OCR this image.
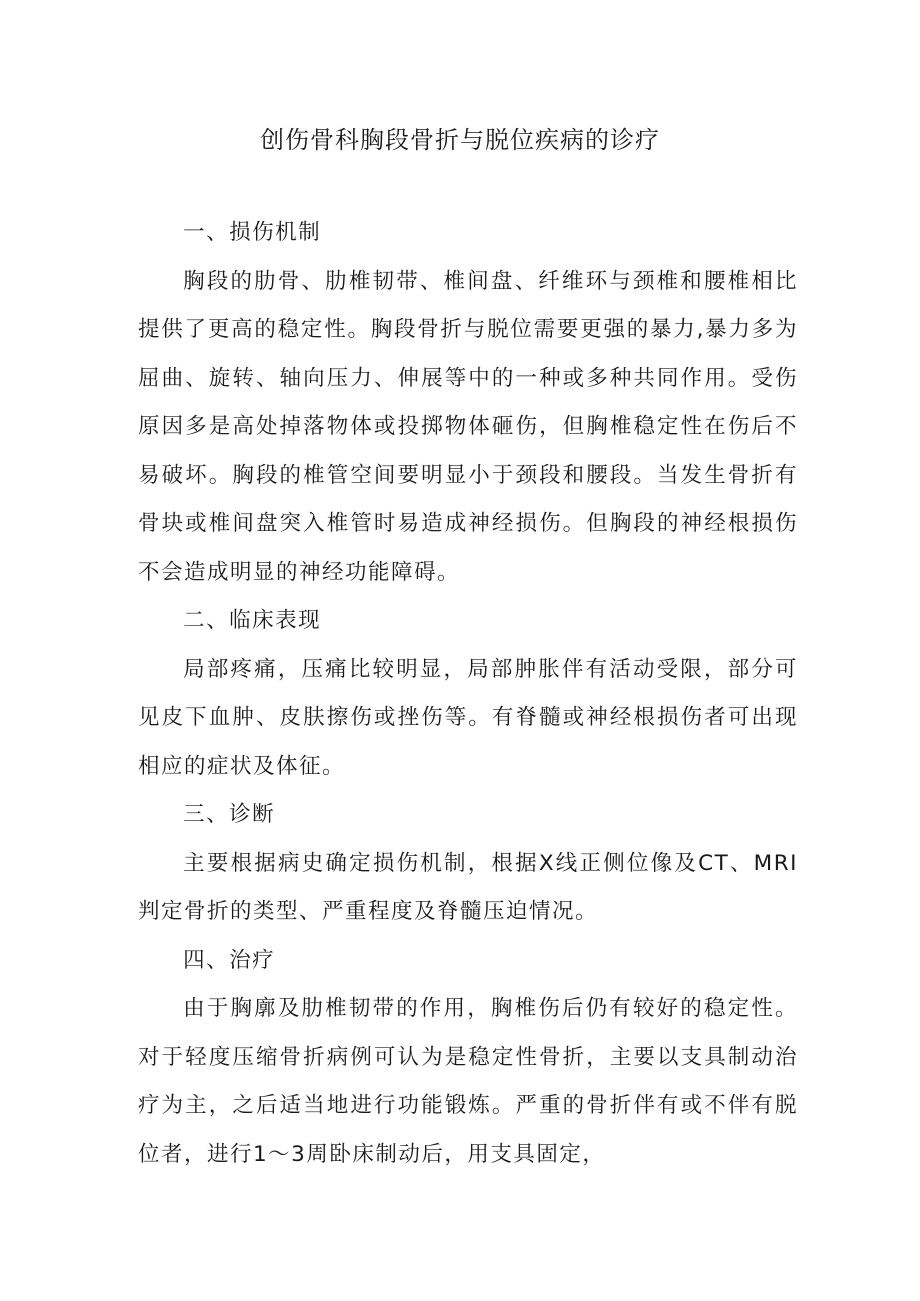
创伤骨科胸段骨折与脱位疾病的诊疗

一、损伤机制

胸段的肋骨、肋椎韧带、椎间盘、纤维环与颈椎和腰椎相比提供了更高的稳定性。胸段骨折与脱位需要更强的暴力,暴力多为屈曲、旋转、轴向压力、伸展等中的一种或多种共同作用。受伤原因多是高处掉落物体或投掷物体砸伤，但胸椎稳定性在伤后不易破坏。胸段的椎管空间要明显小于颈段和腰段。当发生骨折有骨块或椎间盘突入椎管时易造成神经损伤。但胸段的神经根损伤不会造成明显的神经功能障碍。

二、临床表现

局部疼痛，压痛比较明显，局部肿胀伴有活动受限，部分可见皮下血肿、皮肤擦伤或挫伤等。有脊髓或神经根损伤者可出现相应的症状及体征。

三、诊断

主要根据病史确定损伤机制，根据X线正侧位像及CT、MRI判定骨折的类型、严重程度及脊髓压迫情况。

四、治疗

由于胸廓及肋椎韧带的作用，胸椎伤后仍有较好的稳定性。对于轻度压缩骨折病例可认为是稳定性骨折，主要以支具制动治疗为主，之后适当地进行功能锻炼。严重的骨折伴有或不伴有脱位者，进行1～3周卧床制动后，用支具固定，
